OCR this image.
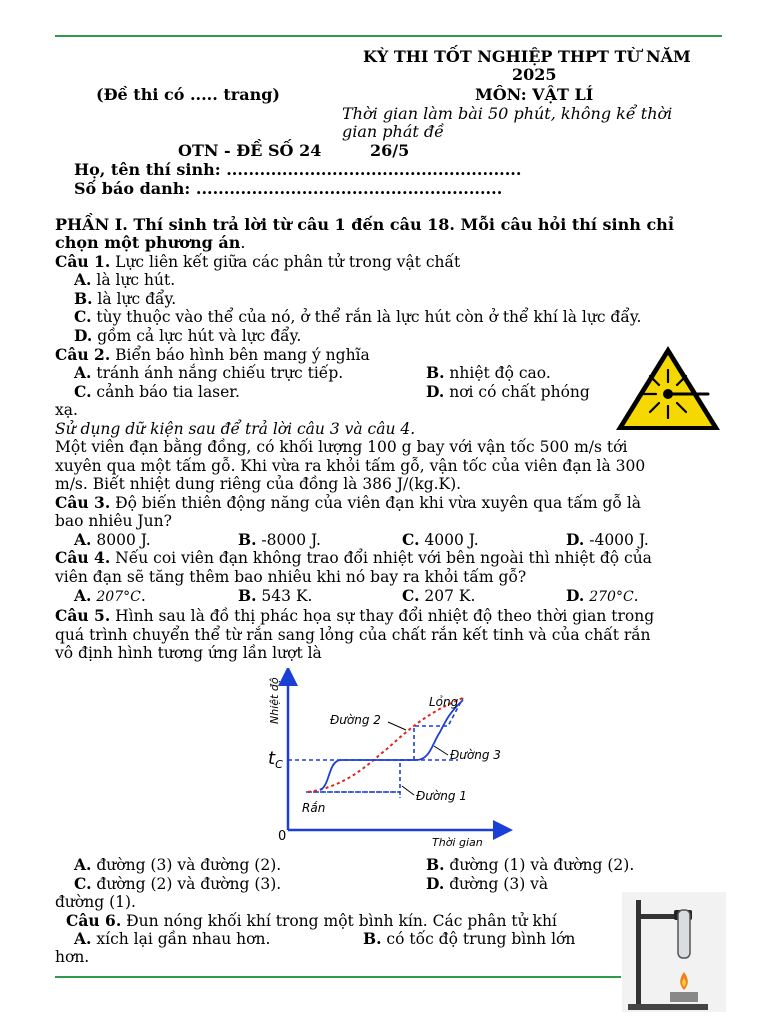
KỲ THI TỐT NGHIỆP THPT TỪ NĂM
2025
(Đề thi có ..... trang)	MÔN: VẬT LÍ
Thời gian làm bài 50 phút, không kể thời
gian phát đề
OTN - ĐỀ SỐ 24	26/5
Họ, tên thí sinh: .....................................................
Số báo danh: .......................................................
PHẦN I. Thí sinh trả lời từ câu 1 đến câu 18. Mỗi câu hỏi thí sinh chỉ
chọn một phương án.
Câu 1. Lực liên kết giữa các phân tử trong vật chất
A. là lực hút.
B. là lực đẩy.
C. tùy thuộc vào thể của nó, ở thể rắn là lực hút còn ở thể khí là lực đẩy.
D. gồm cả lực hút và lực đẩy.
Câu 2. Biển báo hình bên mang ý nghĩa
A. tránh ánh nắng chiếu trực tiếp.	B. nhiệt độ cao.
C. cảnh báo tia laser.	D. nơi có chất phóng
xạ.
Sử dụng dữ kiện sau để trả lời câu 3 và câu 4.
Một viên đạn bằng đồng, có khối lượng 100 g bay với vận tốc 500 m/s tới
xuyên qua một tấm gỗ. Khi vừa ra khỏi tấm gỗ, vận tốc của viên đạn là 300
m/s. Biết nhiệt dung riêng của đồng là 386 J/(kg.K).
Câu 3. Độ biến thiên động năng của viên đạn khi vừa xuyên qua tấm gỗ là
bao nhiêu Jun?
A. 8000 J.	B. -8000 J.	C. 4000 J.	D. -4000 J.
Câu 4. Nếu coi viên đạn không trao đổi nhiệt với bên ngoài thì nhiệt độ của
viên đạn sẽ tăng thêm bao nhiêu khi nó bay ra khỏi tấm gỗ?
A. 207°C.	B. 543 K.	C. 207 K.	D. 270°C.
Câu 5. Hình sau là đồ thị phác họa sự thay đổi nhiệt độ theo thời gian trong
quá trình chuyển thể từ rắn sang lỏng của chất rắn kết tinh và của chất rắn
vô định hình tương ứng lần lượt là
Nhiệt độ
Thời gian
0
$t_C$
Lỏng
Đường 2
Đường 3
Đường 1
Rắn
A. đường (3) và đường (2).	B. đường (1) và đường (2).
C. đường (2) và đường (3).	D. đường (3) và
đường (1).
Câu 6. Đun nóng khối khí trong một bình kín. Các phân tử khí
A. xích lại gần nhau hơn.	B. có tốc độ trung bình lớn
hơn.
